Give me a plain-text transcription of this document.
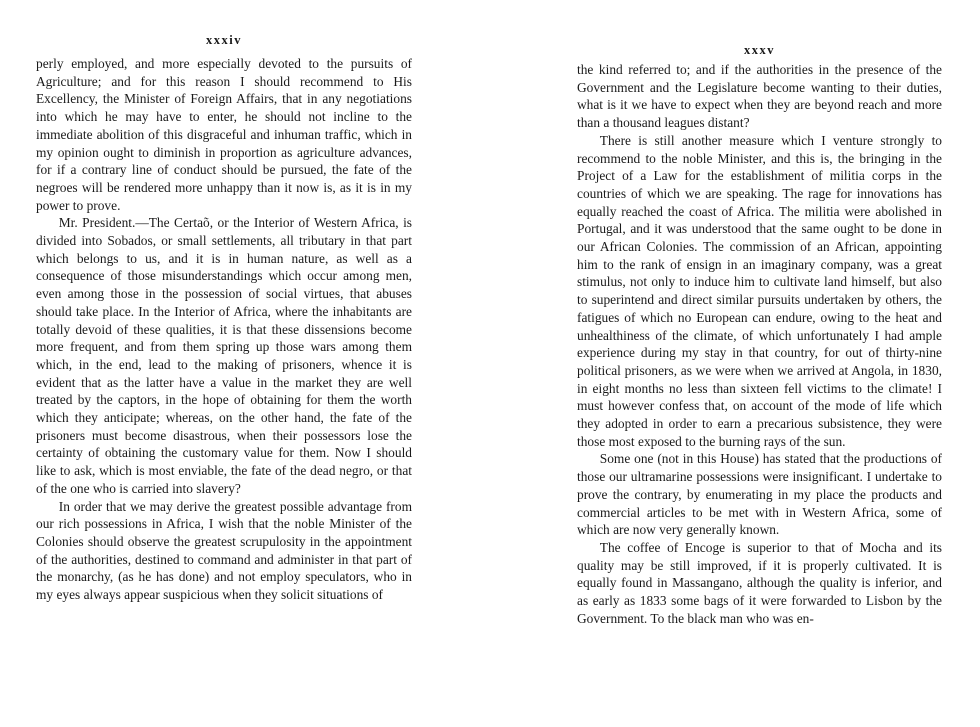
xxxiv

perly employed, and more especially devoted to the pursuits of Agriculture; and for this reason I should recommend to His Excellency, the Minister of Foreign Affairs, that in any negotiations into which he may have to enter, he should not incline to the immediate abolition of this disgraceful and inhuman traffic, which in my opinion ought to diminish in proportion as agriculture advances, for if a contrary line of conduct should be pursued, the fate of the negroes will be rendered more unhappy than it now is, as it is in my power to prove.

Mr. President.—The Certaõ, or the Interior of Western Africa, is divided into Sobados, or small settlements, all tributary in that part which belongs to us, and it is in human nature, as well as a consequence of those misunderstandings which occur among men, even among those in the possession of social virtues, that abuses should take place. In the Interior of Africa, where the inhabitants are totally devoid of these qualities, it is that these dissensions become more frequent, and from them spring up those wars among them which, in the end, lead to the making of prisoners, whence it is evident that as the latter have a value in the market they are well treated by the captors, in the hope of obtaining for them the worth which they anticipate; whereas, on the other hand, the fate of the prisoners must become disastrous, when their possessors lose the certainty of obtaining the customary value for them. Now I should like to ask, which is most enviable, the fate of the dead negro, or that of the one who is carried into slavery?

In order that we may derive the greatest possible advantage from our rich possessions in Africa, I wish that the noble Minister of the Colonies should observe the greatest scrupulosity in the appointment of the authorities, destined to command and administer in that part of the monarchy, (as he has done) and not employ speculators, who in my eyes always appear suspicious when they solicit situations of

xxxv

the kind referred to; and if the authorities in the presence of the Government and the Legislature become wanting to their duties, what is it we have to expect when they are beyond reach and more than a thousand leagues distant?

There is still another measure which I venture strongly to recommend to the noble Minister, and this is, the bringing in the Project of a Law for the establishment of militia corps in the countries of which we are speaking. The rage for innovations has equally reached the coast of Africa. The militia were abolished in Portugal, and it was understood that the same ought to be done in our African Colonies. The commission of an African, appointing him to the rank of ensign in an imaginary company, was a great stimulus, not only to induce him to cultivate land himself, but also to superintend and direct similar pursuits undertaken by others, the fatigues of which no European can endure, owing to the heat and unhealthiness of the climate, of which unfortunately I had ample experience during my stay in that country, for out of thirty-nine political prisoners, as we were when we arrived at Angola, in 1830, in eight months no less than sixteen fell victims to the climate! I must however confess that, on account of the mode of life which they adopted in order to earn a precarious subsistence, they were those most exposed to the burning rays of the sun.

Some one (not in this House) has stated that the productions of those our ultramarine possessions were insignificant. I undertake to prove the contrary, by enumerating in my place the products and commercial articles to be met with in Western Africa, some of which are now very generally known.

The coffee of Encoge is superior to that of Mocha and its quality may be still improved, if it is properly cultivated. It is equally found in Massangano, although the quality is inferior, and as early as 1833 some bags of it were forwarded to Lisbon by the Government. To the black man who was en-
